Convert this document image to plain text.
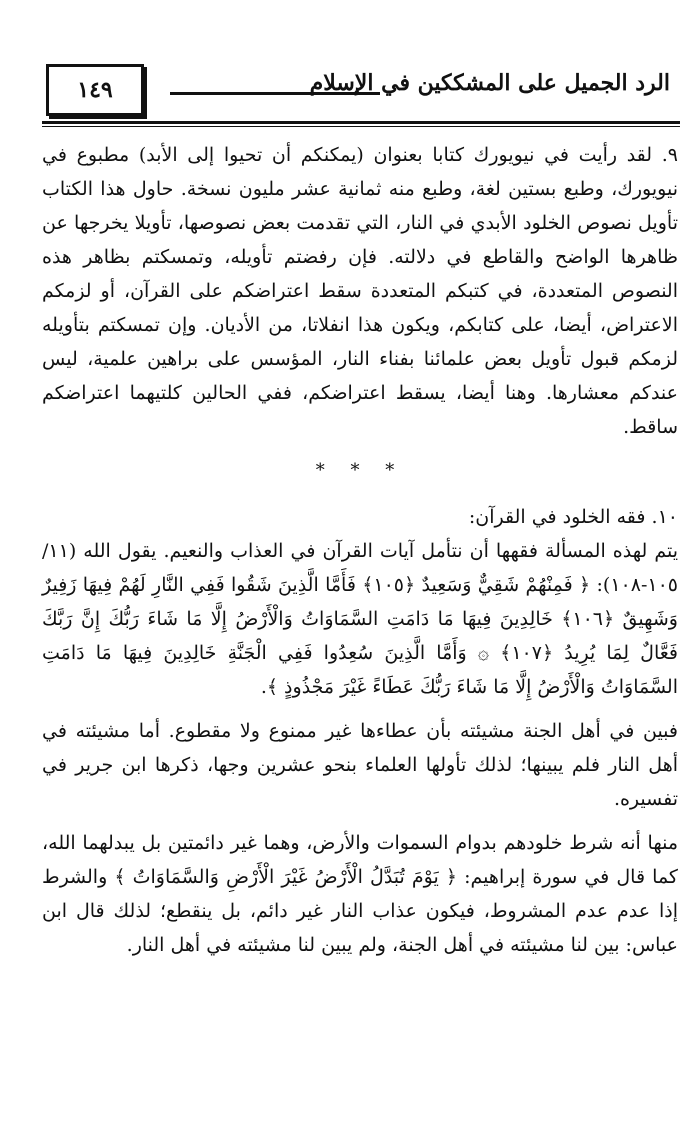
١٤٩	الرد الجميل على المشككين في الإسلام

٩. لقد رأيت في نيويورك كتابا بعنوان (يمكنكم أن تحيوا إلى الأبد) مطبوع في نيويورك، وطبع بستين لغة، وطبع منه ثمانية عشر مليون نسخة. حاول هذا الكتاب تأويل نصوص الخلود الأبدي في النار، التي تقدمت بعض نصوصها، تأويلا يخرجها عن ظاهرها الواضح والقاطع في دلالته. فإن رفضتم تأويله، وتمسكتم بظاهر هذه النصوص المتعددة، في كتبكم المتعددة سقط اعتراضكم على القرآن، أو لزمكم الاعتراض، أيضا، على كتابكم، ويكون هذا انفلاتا، من الأديان. وإن تمسكتم بتأويله لزمكم قبول تأويل بعض علمائنا بفناء النار، المؤسس على براهين علمية، ليس عندكم معشارها. وهنا أيضا، يسقط اعتراضكم، ففي الحالين كلتيهما اعتراضكم ساقط.

* * *

١٠. فقه الخلود في القرآن:

يتم لهذه المسألة فقهها أن نتأمل آيات القرآن في العذاب والنعيم. يقول الله (١١/ ١٠٥-١٠٨): ﴿ فَمِنْهُمْ شَقِيٌّ وَسَعِيدٌ ﴿١٠٥﴾ فَأَمَّا الَّذِينَ شَقُوا فَفِي النَّارِ لَهُمْ فِيهَا زَفِيرٌ وَشَهِيقٌ ﴿١٠٦﴾ خَالِدِينَ فِيهَا مَا دَامَتِ السَّمَاوَاتُ وَالْأَرْضُ إِلَّا مَا شَاءَ رَبُّكَ إِنَّ رَبَّكَ فَعَّالٌ لِمَا يُرِيدُ ﴿١٠٧﴾ ۞ وَأَمَّا الَّذِينَ سُعِدُوا فَفِي الْجَنَّةِ خَالِدِينَ فِيهَا مَا دَامَتِ السَّمَاوَاتُ وَالْأَرْضُ إِلَّا مَا شَاءَ رَبُّكَ عَطَاءً غَيْرَ مَجْذُوذٍ ﴾.

فبين في أهل الجنة مشيئته بأن عطاءها غير ممنوع ولا مقطوع. أما مشيئته في أهل النار فلم يبينها؛ لذلك تأولها العلماء بنحو عشرين وجها، ذكرها ابن جرير في تفسيره.

منها أنه شرط خلودهم بدوام السموات والأرض، وهما غير دائمتين بل يبدلهما الله، كما قال في سورة إبراهيم: ﴿ يَوْمَ تُبَدَّلُ الْأَرْضُ غَيْرَ الْأَرْضِ وَالسَّمَاوَاتُ ﴾ والشرط إذا عدم عدم المشروط، فيكون عذاب النار غير دائم، بل ينقطع؛ لذلك قال ابن عباس: بين لنا مشيئته في أهل الجنة، ولم يبين لنا مشيئته في أهل النار.
